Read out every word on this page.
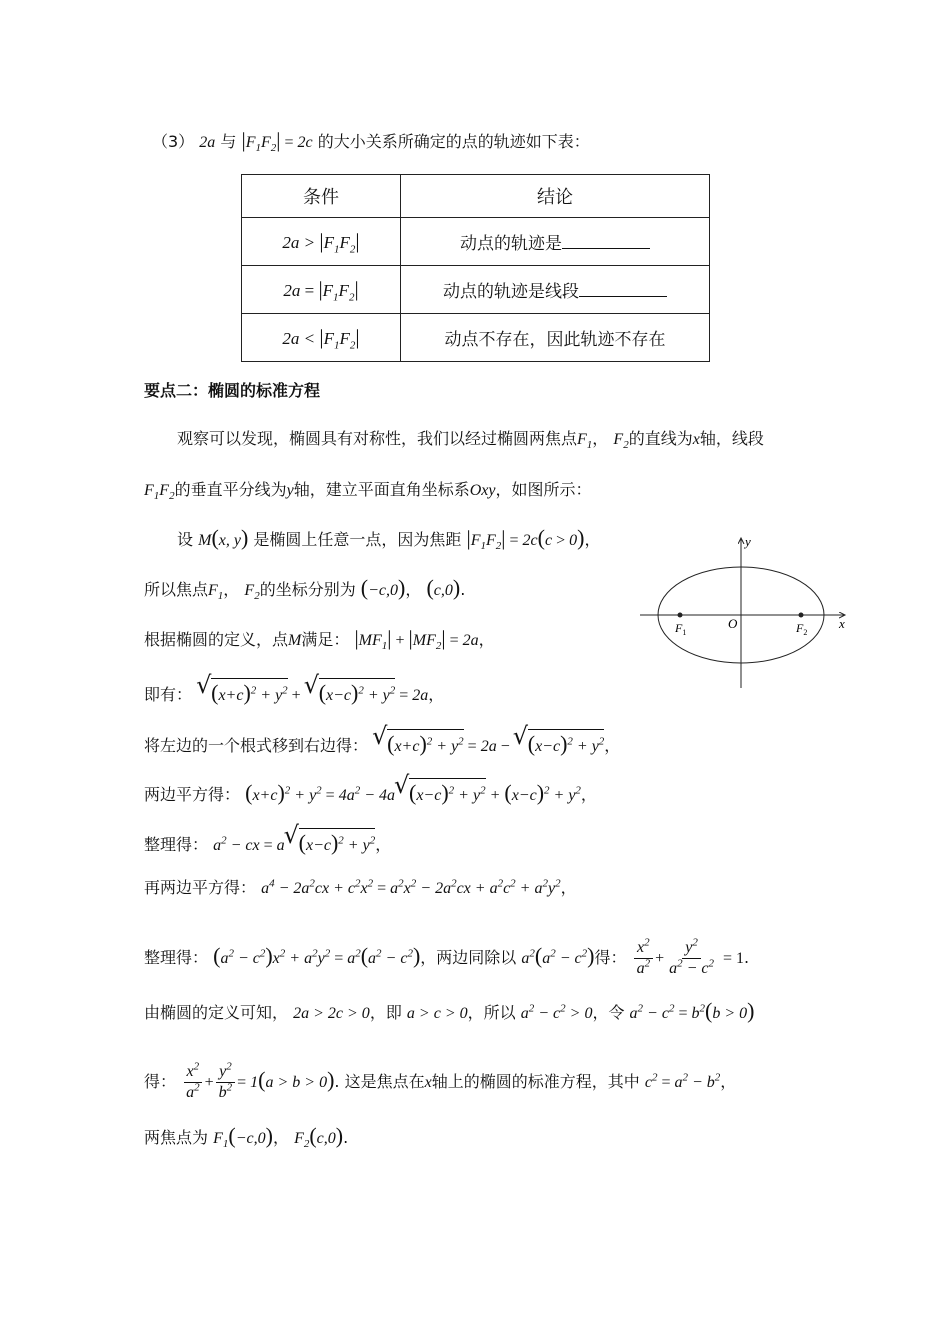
（3） 2a 与 $|F_1F_2| = 2c$ 的大小关系所确定的点的轨迹如下表：
条件	结论
$2a > |F_1F_2|$	动点的轨迹是
$2a = |F_1F_2|$	动点的轨迹是线段
$2a < |F_1F_2|$	动点不存在，因此轨迹不存在
要点二：椭圆的标准方程
观察可以发现，椭圆具有对称性，我们以经过椭圆两焦点$F_1$， $F_2$的直线为x轴，线段
$F_1F_2$的垂直平分线为y轴，建立平面直角坐标系Oxy，如图所示：
设 M(x, y) 是椭圆上任意一点，因为焦距 $|F_1F_2| = 2c(c > 0)$，
所以焦点$F_1$， $F_2$的坐标分别为 (−c,0)， (c,0).
根据椭圆的定义，点M满足： $|MF_1| + |MF_2| = 2a$，
即有： √ $(x+c)^2 + y^2$ + √ $(x-c)^2 + y^2 = 2a$，
将左边的一个根式移到右边得： √ $(x+c)^2 + y^2 = 2a$ − √ $(x-c)^2 + y^2$，
两边平方得： $(x+c)^2 + y^2 = 4a^2 - 4a$ √ $(x-c)^2 + y^2 + (x-c)^2 + y^2$，
整理得： $a^2$ − cx = a √ $(x-c)^2 + y^2$，
再两边平方得： $a^4 - 2a^2cx + c^2x^2 = a^2x^2 - 2a^2cx + a^2c^2 + a^2y^2$，
整理得： $(a^2 - c^2)x^2 + a^2y^2 = a^2(a^2 - c^2)$，两边同除以 $a^2(a^2 - c^2)$得： $\frac{x^2}{a^2} + \frac{y^2}{a^2 - c^2} = 1$.
由椭圆的定义可知， 2a > 2c > 0，即 a > c > 0，所以 $a^2 - c^2 > 0$，令 $a^2 - c^2 = b^2(b > 0)$
得： $\frac{x^2}{a^2} + \frac{y^2}{b^2} = 1(a > b > 0)$. 这是焦点在x轴上的椭圆的标准方程，其中 $c^2 = a^2 - b^2$，
两焦点为 $F_1(-c,0)$， $F_2(c,0)$.
x
y
O
$F_1$	$F_2$
